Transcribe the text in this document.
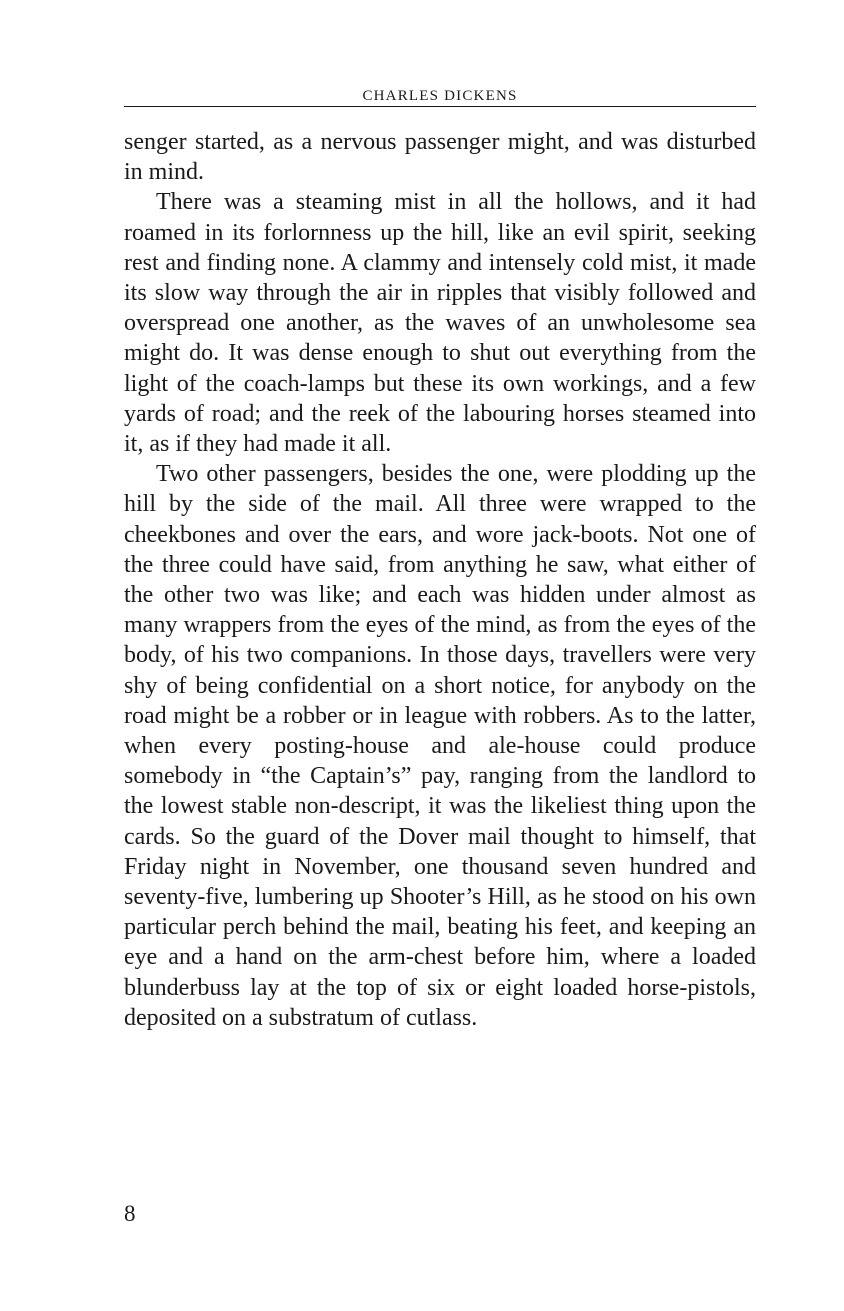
CHARLES DICKENS

senger started, as a nervous passenger might, and was disturbed in mind.

There was a steaming mist in all the hollows, and it had roamed in its forlornness up the hill, like an evil spirit, seeking rest and finding none. A clammy and intensely cold mist, it made its slow way through the air in ripples that visibly followed and overspread one another, as the waves of an unwholesome sea might do. It was dense enough to shut out everything from the light of the coach-lamps but these its own workings, and a few yards of road; and the reek of the labouring horses steamed into it, as if they had made it all.

Two other passengers, besides the one, were plodding up the hill by the side of the mail. All three were wrapped to the cheekbones and over the ears, and wore jack-boots. Not one of the three could have said, from anything he saw, what either of the other two was like; and each was hidden under almost as many wrappers from the eyes of the mind, as from the eyes of the body, of his two companions. In those days, travellers were very shy of being confidential on a short notice, for anybody on the road might be a robber or in league with robbers. As to the latter, when every posting-house and ale-house could produce somebody in “the Captain’s” pay, ranging from the landlord to the lowest stable non-descript, it was the likeliest thing upon the cards. So the guard of the Dover mail thought to himself, that Friday night in November, one thousand seven hundred and seventy-five, lumbering up Shooter’s Hill, as he stood on his own particular perch behind the mail, beating his feet, and keeping an eye and a hand on the arm-chest before him, where a loaded blunderbuss lay at the top of six or eight loaded horse-pistols, deposited on a substratum of cutlass.

8
